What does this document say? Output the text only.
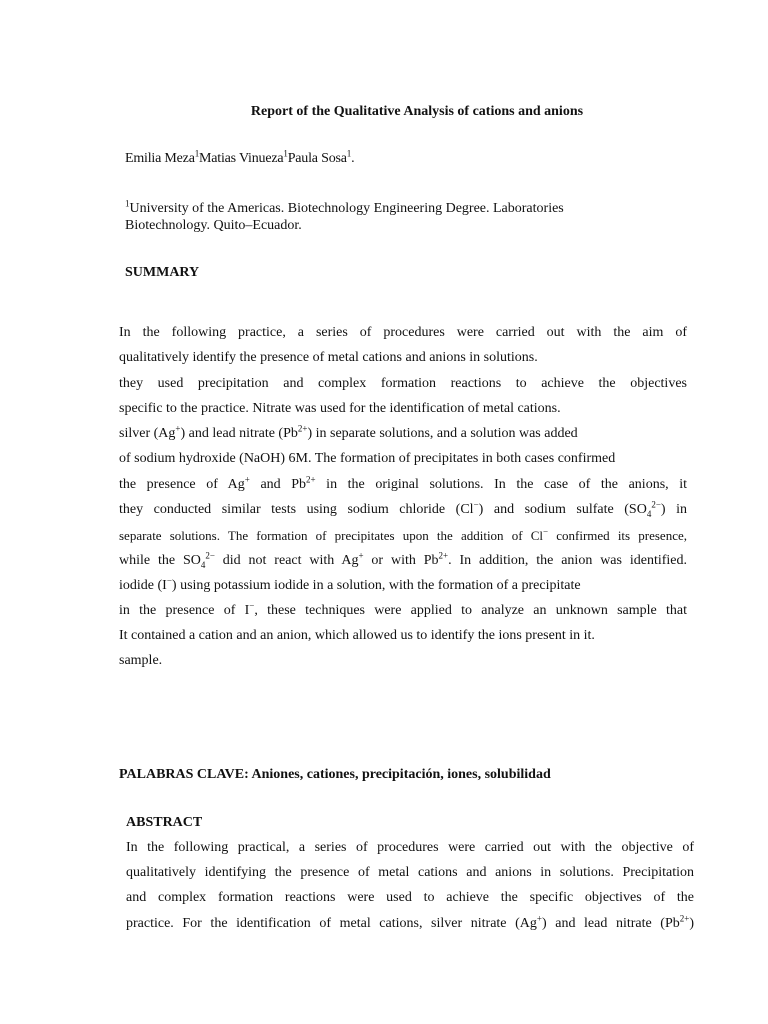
Report of the Qualitative Analysis of cations and anions
Emilia Meza$^1$Matias Vinueza$^1$Paula Sosa$^1$.
$^1$University of the Americas. Biotechnology Engineering Degree. Laboratories
Biotechnology. Quito–Ecuador.
SUMMARY
In the following practice, a series of procedures were carried out with the aim of
qualitatively identify the presence of metal cations and anions in solutions.
they used precipitation and complex formation reactions to achieve the objectives
specific to the practice. Nitrate was used for the identification of metal cations.
silver (Ag+) and lead nitrate $(Pb^{2+})$ in separate solutions, and a solution was added
of sodium hydroxide (NaOH) 6M. The formation of precipitates in both cases confirmed
the presence of Ag+ and $Pb^{2+}$ in the original solutions. In the case of the anions, it
they conducted similar tests using sodium chloride (Cl−) and sodium sulfate $(SO_4^{2-})$ in
separate solutions. The formation of precipitates upon the addition of Cl− confirmed its presence,
while the $SO_4^{2-}$ did not react with Ag+ or with $Pb^{2+}$. In addition, the anion was identified.
iodide (I−) using potassium iodide in a solution, with the formation of a precipitate
in the presence of I−, these techniques were applied to analyze an unknown sample that
It contained a cation and an anion, which allowed us to identify the ions present in it.
sample.
PALABRAS CLAVE: Aniones, cationes, precipitación, iones, solubilidad
ABSTRACT
In the following practical, a series of procedures were carried out with the objective of
qualitatively identifying the presence of metal cations and anions in solutions. Precipitation
and complex formation reactions were used to achieve the specific objectives of the
practice. For the identification of metal cations, silver nitrate (Ag+) and lead nitrate $(Pb^{2+})$
